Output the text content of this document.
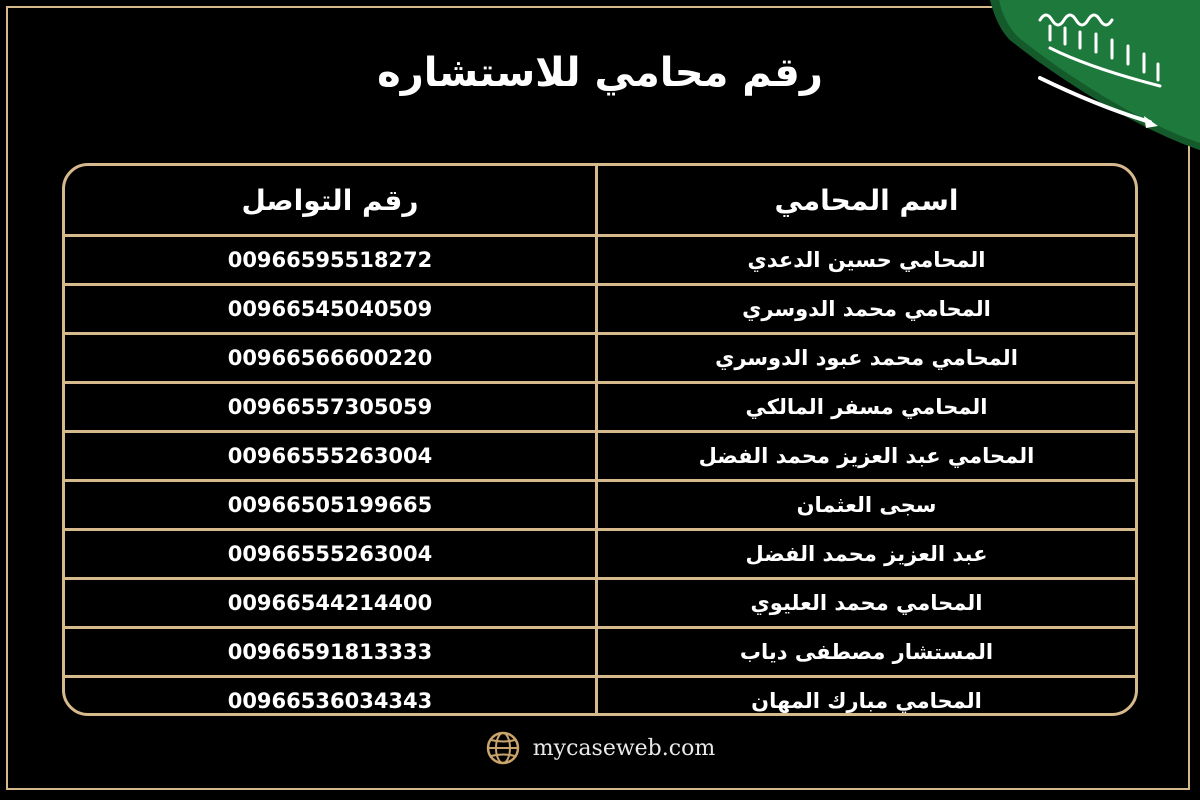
رقم محامي للاستشاره
اسم المحامي	رقم التواصل
المحامي حسين الدعدي	00966595518272
المحامي محمد الدوسري	00966545040509
المحامي محمد عبود الدوسري	00966566600220
المحامي مسفر المالكي	00966557305059
المحامي عبد العزيز محمد الفضل	00966555263004
سجى العثمان	00966505199665
عبد العزيز محمد الفضل	00966555263004
المحامي محمد العليوي	00966544214400
المستشار مصطفى دياب	00966591813333
المحامي مبارك المهان	00966536034343
mycaseweb.com
